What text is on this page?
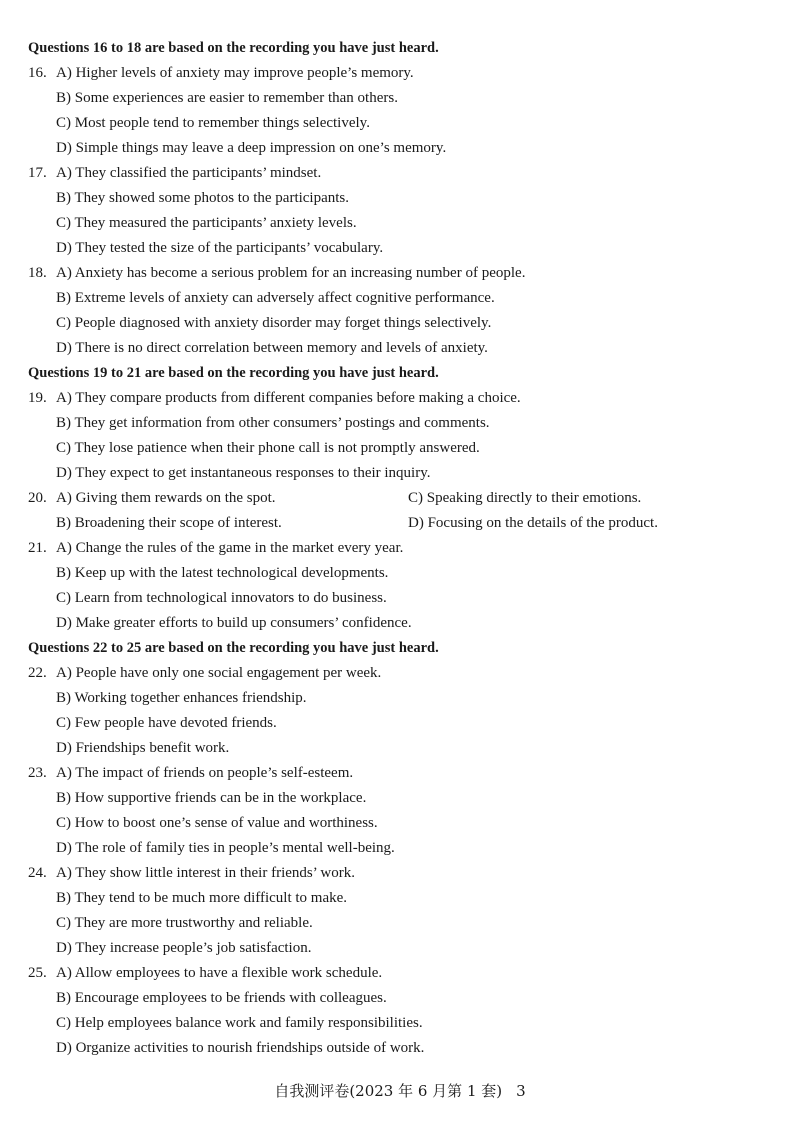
Questions 16 to 18 are based on the recording you have just heard.
16. A) Higher levels of anxiety may improve people’s memory.
B) Some experiences are easier to remember than others.
C) Most people tend to remember things selectively.
D) Simple things may leave a deep impression on one’s memory.
17. A) They classified the participants’ mindset.
B) They showed some photos to the participants.
C) They measured the participants’ anxiety levels.
D) They tested the size of the participants’ vocabulary.
18. A) Anxiety has become a serious problem for an increasing number of people.
B) Extreme levels of anxiety can adversely affect cognitive performance.
C) People diagnosed with anxiety disorder may forget things selectively.
D) There is no direct correlation between memory and levels of anxiety.
Questions 19 to 21 are based on the recording you have just heard.
19. A) They compare products from different companies before making a choice.
B) They get information from other consumers’ postings and comments.
C) They lose patience when their phone call is not promptly answered.
D) They expect to get instantaneous responses to their inquiry.
20. A) Giving them rewards on the spot.	C) Speaking directly to their emotions.
B) Broadening their scope of interest.	D) Focusing on the details of the product.
21. A) Change the rules of the game in the market every year.
B) Keep up with the latest technological developments.
C) Learn from technological innovators to do business.
D) Make greater efforts to build up consumers’ confidence.
Questions 22 to 25 are based on the recording you have just heard.
22. A) People have only one social engagement per week.
B) Working together enhances friendship.
C) Few people have devoted friends.
D) Friendships benefit work.
23. A) The impact of friends on people’s self-esteem.
B) How supportive friends can be in the workplace.
C) How to boost one’s sense of value and worthiness.
D) The role of family ties in people’s mental well-being.
24. A) They show little interest in their friends’ work.
B) They tend to be much more difficult to make.
C) They are more trustworthy and reliable.
D) They increase people’s job satisfaction.
25. A) Allow employees to have a flexible work schedule.
B) Encourage employees to be friends with colleagues.
C) Help employees balance work and family responsibilities.
D) Organize activities to nourish friendships outside of work.
自我测评卷(2023 年 6 月第 1 套) 3
